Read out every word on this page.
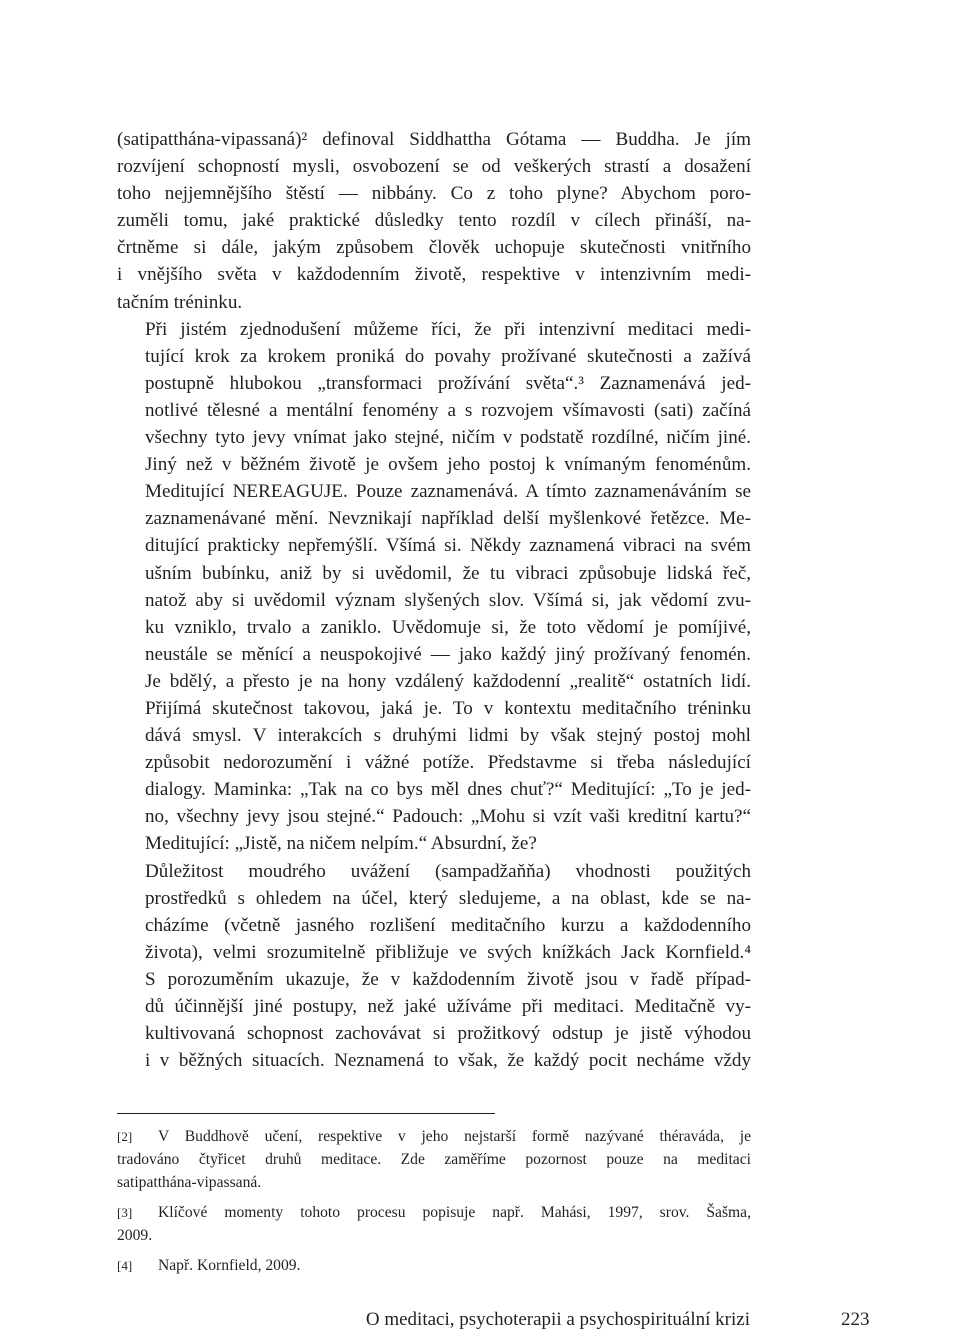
(satipatthána-vipassaná)² definoval Siddhattha Gótama — Buddha. Je jím
rozvíjení schopností mysli, osvobození se od veškerých strastí a dosažení
toho nejjemnějšího štěstí — nibbány. Co z toho plyne? Abychom poro-
zuměli tomu, jaké praktické důsledky tento rozdíl v cílech přináší, na-
črtněme si dále, jakým způsobem člověk uchopuje skutečnosti vnitřního
i vnějšího světa v každodenním životě, respektive v intenzivním medi-
tačním tréninku.

Při jistém zjednodušení můžeme říci, že při intenzivní meditaci medi-
tující krok za krokem proniká do povahy prožívané skutečnosti a zažívá
postupně hlubokou „transformaci prožívání světa“.³ Zaznamenává jed-
notlivé tělesné a mentální fenomény a s rozvojem všímavosti (sati) začíná
všechny tyto jevy vnímat jako stejné, ničím v podstatě rozdílné, ničím jiné.
Jiný než v běžném životě je ovšem jeho postoj k vnímaným fenoménům.
Meditující NEREAGUJE. Pouze zaznamenává. A tímto zaznamenáváním se
zaznamenávané mění. Nevznikají například delší myšlenkové řetězce. Me-
ditující prakticky nepřemýšlí. Všímá si. Někdy zaznamená vibraci na svém
ušním bubínku, aniž by si uvědomil, že tu vibraci způsobuje lidská řeč,
natož aby si uvědomil význam slyšených slov. Všímá si, jak vědomí zvu-
ku vzniklo, trvalo a zaniklo. Uvědomuje si, že toto vědomí je pomíjivé,
neustále se měnící a neuspokojivé — jako každý jiný prožívaný fenomén.
Je bdělý, a přesto je na hony vzdálený každodenní „realitě“ ostatních lidí.
Přijímá skutečnost takovou, jaká je. To v kontextu meditačního tréninku
dává smysl. V interakcích s druhými lidmi by však stejný postoj mohl
způsobit nedorozumění i vážné potíže. Představme si třeba následující
dialogy. Maminka: „Tak na co bys měl dnes chuť?“ Meditující: „To je jed-
no, všechny jevy jsou stejné.“ Padouch: „Mohu si vzít vaši kreditní kartu?“
Meditující: „Jistě, na ničem nelpím.“ Absurdní, že?

Důležitost moudrého uvážení (sampadžaňňa) vhodnosti použitých
prostředků s ohledem na účel, který sledujeme, a na oblast, kde se na-
cházíme (včetně jasného rozlišení meditačního kurzu a každodenního
života), velmi srozumitelně přibližuje ve svých knížkách Jack Kornfield.⁴
S porozuměním ukazuje, že v každodenním životě jsou v řadě případ-
dů účinnější jiné postupy, než jaké užíváme při meditaci. Meditačně vy-
kultivovaná schopnost zachovávat si prožitkový odstup je jistě výhodou
i v běžných situacích. Neznamená to však, že každý pocit necháme vždy

[2] V Buddhově učení, respektive v jeho nejstarší formě nazývané théraváda, je
tradováno čtyřicet druhů meditace. Zde zaměříme pozornost pouze na meditaci
satipatthána-vipassaná.
[3] Klíčové momenty tohoto procesu popisuje např. Mahási, 1997, srov. Šašma,
2009.
[4] Např. Kornfield, 2009.
O meditaci, psychoterapii a psychospirituální krizi	223
